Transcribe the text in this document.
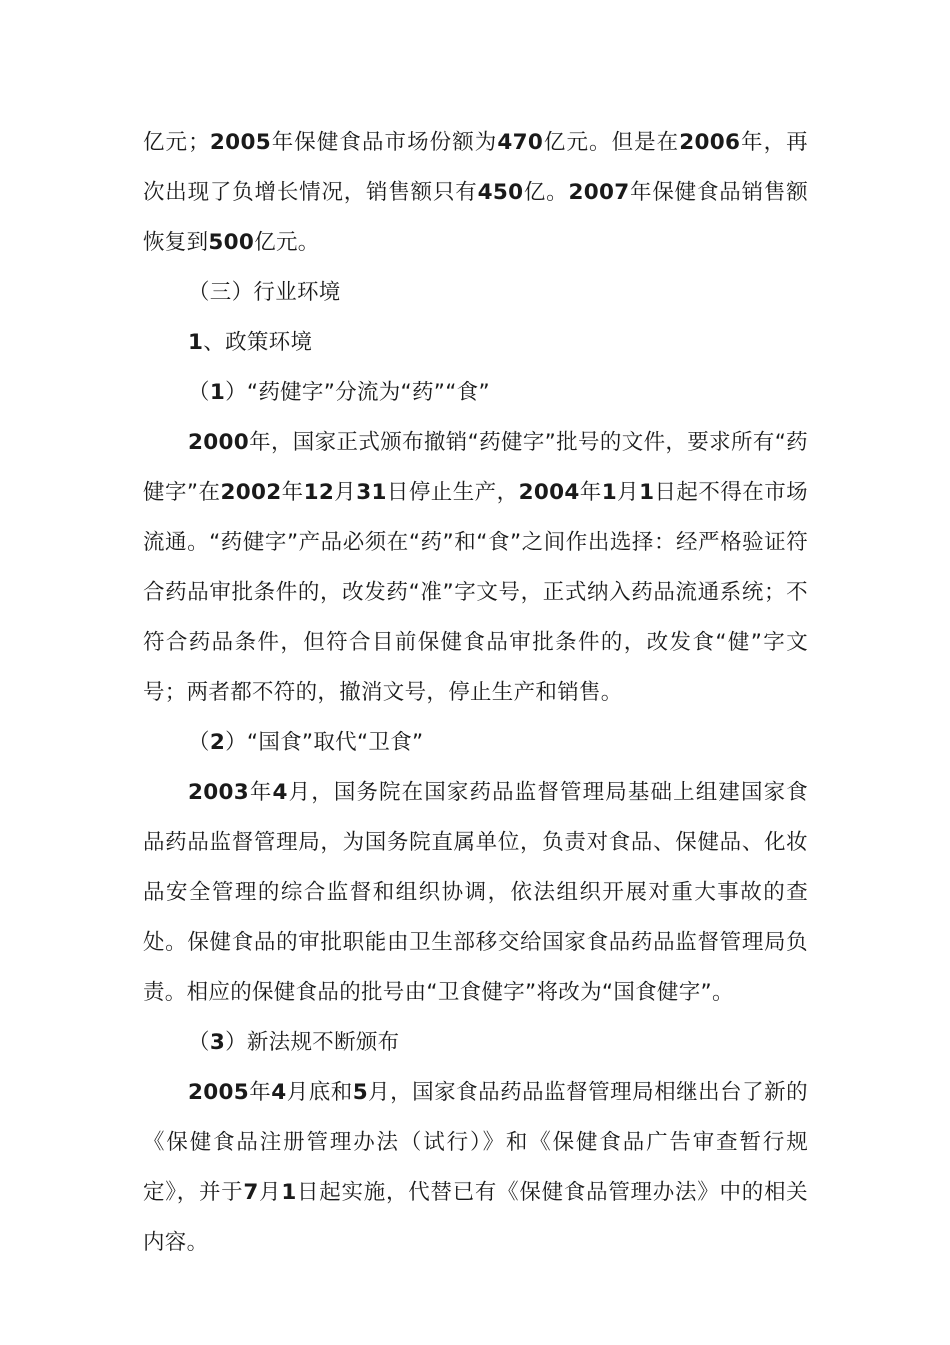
亿元；2005年保健食品市场份额为470亿元。但是在2006年，再次出现了负增长情况，销售额只有450亿。2007年保健食品销售额恢复到500亿元。

（三）行业环境

1、政策环境

（1）“药健字”分流为“药”“食”

2000年，国家正式颁布撤销“药健字”批号的文件，要求所有“药健字”在2002年12月31日停止生产，2004年1月1日起不得在市场流通。“药健字”产品必须在“药”和“食”之间作出选择：经严格验证符合药品审批条件的，改发药“准”字文号，正式纳入药品流通系统；不符合药品条件，但符合目前保健食品审批条件的，改发食“健”字文号；两者都不符的，撤消文号，停止生产和销售。

（2）“国食”取代“卫食”

2003年4月，国务院在国家药品监督管理局基础上组建国家食品药品监督管理局，为国务院直属单位，负责对食品、保健品、化妆品安全管理的综合监督和组织协调，依法组织开展对重大事故的查处。保健食品的审批职能由卫生部移交给国家食品药品监督管理局负责。相应的保健食品的批号由“卫食健字”将改为“国食健字”。

（3）新法规不断颁布

2005年4月底和5月，国家食品药品监督管理局相继出台了新的《保健食品注册管理办法（试行）》和《保健食品广告审查暂行规定》，并于7月1日起实施，代替已有《保健食品管理办法》中的相关内容。
